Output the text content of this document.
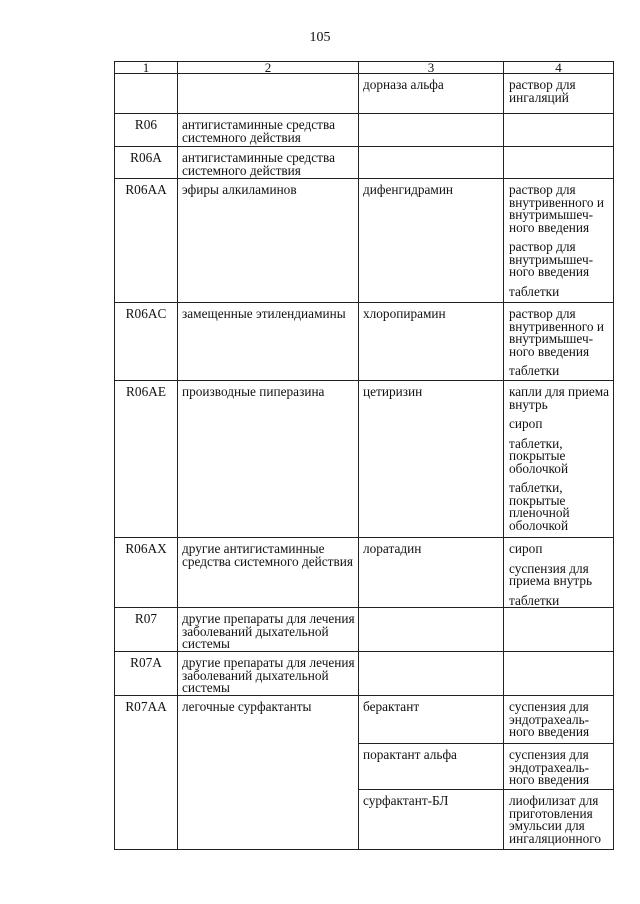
105
1	2	3	4

		дорназа альфа	раствор для ингаляций

R06	антигистаминные средства системного действия		

R06A	антигистаминные средства системного действия		

R06AA	эфиры алкиламинов	дифенгидрамин	раствор для внутривенного и внутримышеч-ного введения
раствор для внутримышеч-ного введения
таблетки

R06AC	замещенные этилендиамины	хлоропирамин	раствор для внутривенного и внутримышеч-ного введения
таблетки

R06AE	производные пиперазина	цетиризин	капли для приема внутрь
сироп
таблетки, покрытые оболочкой
таблетки, покрытые пленочной оболочкой

R06AX	другие антигистаминные средства системного действия	лоратадин	сироп
суспензия для приема внутрь
таблетки

R07	другие препараты для лечения заболеваний дыхательной системы		

R07A	другие препараты для лечения заболеваний дыхательной системы		

R07AA	легочные сурфактанты	берактант	суспензия для эндотрахеаль-ного введения

		порактант альфа	суспензия для эндотрахеаль-ного введения

		сурфактант-БЛ	лиофилизат для приготовления эмульсии для ингаляционного
